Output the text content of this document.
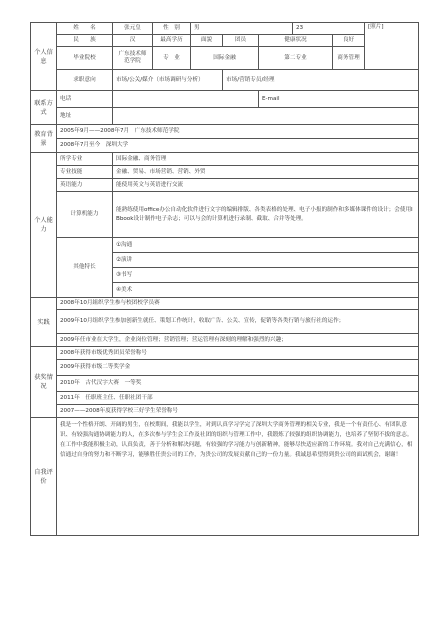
个人信息	姓　　名	张元皇	性　别	男			23		[照片]
	民　　族	汉	最高学历	面貌	团员	健康状况		良好	
	毕业院校	广东技术师范学院	专　业	国际金融		第二专业		商务管理	
	求职意向	市场/公关/媒介（市场调研与分析）			市场/营销专员/经理				
联系方式	电话					E-mail			
	地址								
教育背景	2005年9月——2008年7月　广东技术师范学院								
	2008年7月至今　深圳大学								
个人能力	所学专业	国际金融、商务管理							
	专业技能	金融、贸易、市场营销、营销、外贸							
	英语能力	能使用英文与英语进行交流							
	计算机能力	能熟练使用office办公自动化软件进行文字的编辑排版、各类表格的处理、电子小报的制作和多媒体课件的设计；会使用IBbook设计制作电子杂志；可以与会的计算机进行录制、截取、合并等处理。							
	其他特长	①沟通
②演讲
③书写
④美术							

实践	2008年10月組织学生参与校团校学员赛								
	2009年10月组织学生参加创新生就任、策划工作统计，收取广告、公关、宣传，促销等各类行销与旅行社的运作；								
	2009年任市业在大学生，企业岗位管理；营销管理；营运管理有深刻的理解和强烈的兴趣；								
获奖情况	2008年获得市级优秀团员荣誉称号								
	2009年获得市级二等奖学金								
	2010年　古代汉字大赛　一等奖								
	2011年　任职班主任、任职社团干部								
	2007——2008年度获得学校三好学生荣誉称号								
自我评价	我是一个性格开朗、开阔的男生，在校期间，我能以学生，对到认真学习学完了深圳大学商务管理的相关专业，我是一个有责任心、有团队意识、有较强沟通协调能力的人，在多次参与学生会工作及社团的组织与管理工作中，我锻炼了较强的组织协调能力，也培养了坚韧不拔的意志。在工作中我能积极主动，认真负责，善于分析和解决问题，有较强的学习能力与创新精神，能够尽快适应新的工作环境。我对自己充满信心，相信通过自身的努力和不断学习，能够胜任贵公司的工作，为贵公司的发展贡献自己的一份力量。我诚恳希望得到贵公司的面试机会，谢谢！								
